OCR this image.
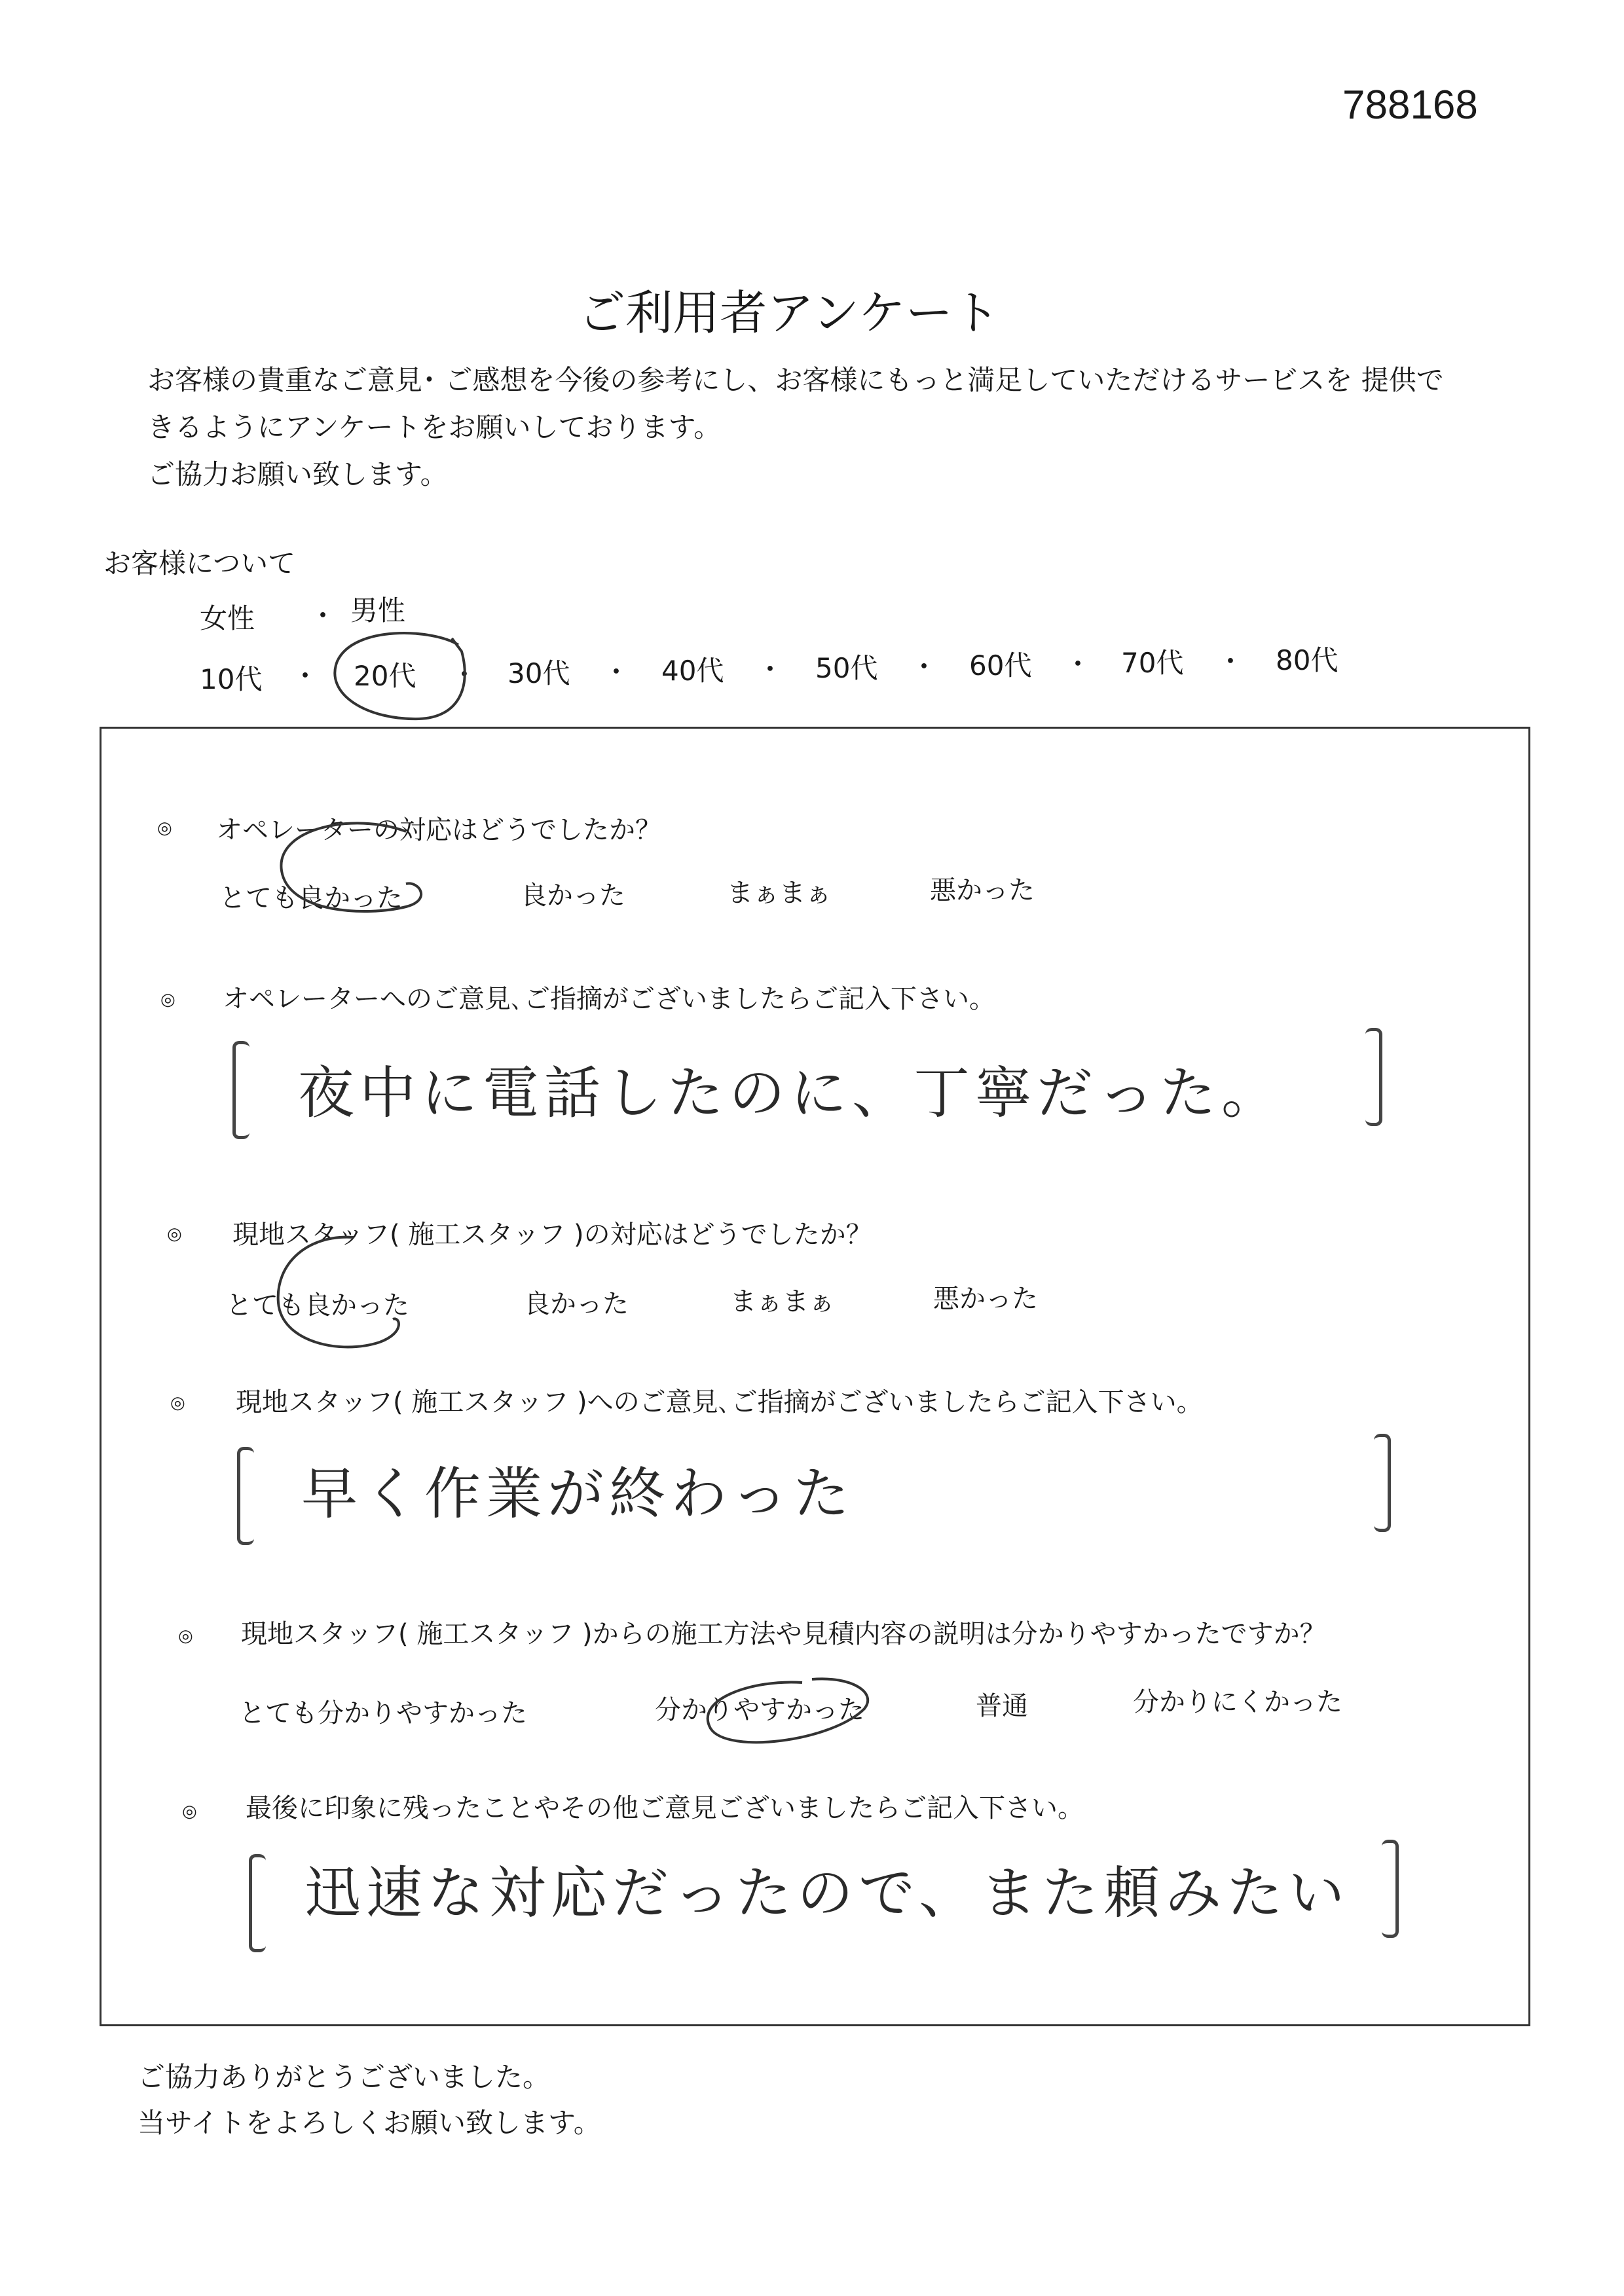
788168
ご利用者アンケート
お客様の貴重なご意見･ ご感想を今後の参考にし、お客様にもっと満足していただけるサービスを 提供で
きるようにアンケートをお願いしております。
ご協力お願い致します。
お客様について
女性 ・ 男性
10代 ・ 20代 ・ 30代 ・ 40代 ・ 50代 ・ 60代 ・ 70代 ・ 80代
◎ オペレーターの対応はどうでしたか？
とても良かった	良かった	まぁまぁ	悪かった
◎ オペレーターへのご意見､ご指摘がございましたらご記入下さい。
夜中に電話したのに、丁寧だった。
◎ 現地スタッフ( 施工スタッフ )の対応はどうでしたか？
とても良かった	良かった	まぁまぁ	悪かった
◎ 現地スタッフ( 施工スタッフ )へのご意見､ご指摘がございましたらご記入下さい。
早く作業が終わった
◎ 現地スタッフ( 施工スタッフ )からの施工方法や見積内容の説明は分かりやすかったですか？
とても分かりやすかった	分かりやすかった	普通	分かりにくかった
◎ 最後に印象に残ったことやその他ご意見ございましたらご記入下さい。
迅速な対応だったので、また頼みたい
ご協力ありがとうございました。
当サイトをよろしくお願い致します。
